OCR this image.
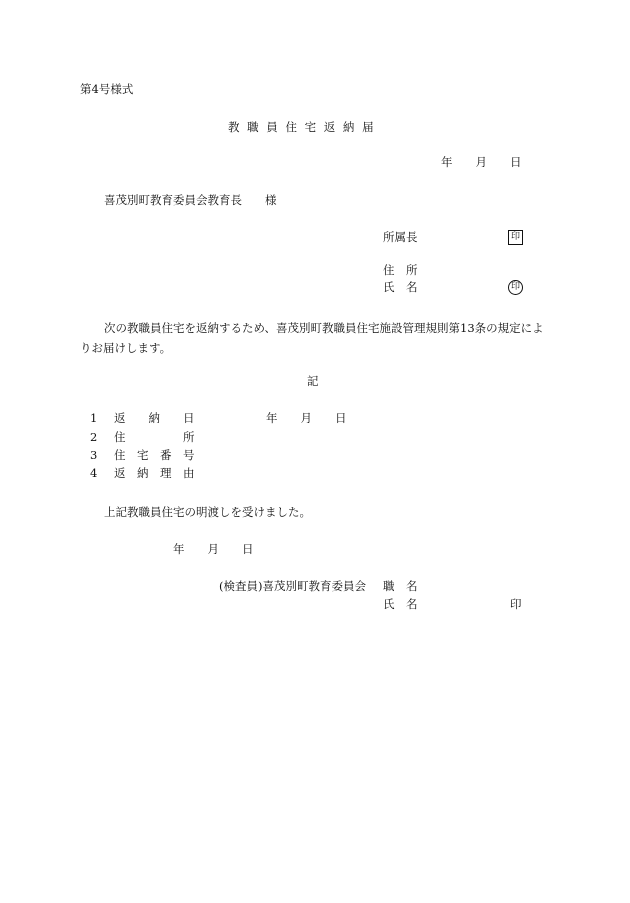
第4号様式
教 職 員 住 宅 返 納 届
年　　月　　日
喜茂別町教育委員会教育長　　様
所属長	印
住　所
氏　名	印
次の教職員住宅を返納するため、喜茂別町教職員住宅施設管理規則第13条の規定によりお届けします。
記
1 返　　納　　日	年　　月　　日
2 住　　　　　所
3 住　宅　番　号
4 返　納　理　由
上記教職員住宅の明渡しを受けました。
年　　月　　日
(検査員)喜茂別町教育委員会 職　名
氏　名	印
